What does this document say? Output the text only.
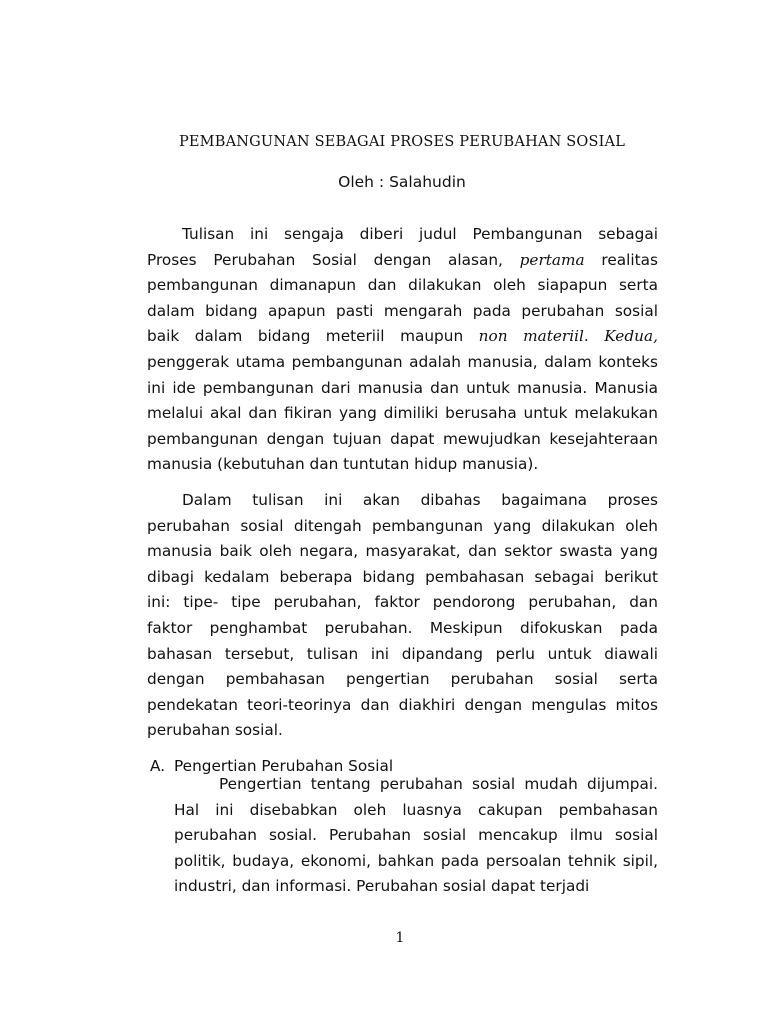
PEMBANGUNAN SEBAGAI PROSES PERUBAHAN SOSIAL
Oleh : Salahudin
Tulisan ini sengaja diberi judul Pembangunan sebagai
Proses Perubahan Sosial dengan alasan, pertama realitas
pembangunan dimanapun dan dilakukan oleh siapapun serta
dalam bidang apapun pasti mengarah pada perubahan sosial
baik dalam bidang meteriil maupun non materiil. Kedua,
penggerak utama pembangunan adalah manusia, dalam konteks
ini ide pembangunan dari manusia dan untuk manusia. Manusia
melalui akal dan fikiran yang dimiliki berusaha untuk melakukan
pembangunan dengan tujuan dapat mewujudkan kesejahteraan
manusia (kebutuhan dan tuntutan hidup manusia).
Dalam tulisan ini akan dibahas bagaimana proses
perubahan sosial ditengah pembangunan yang dilakukan oleh
manusia baik oleh negara, masyarakat, dan sektor swasta yang
dibagi kedalam beberapa bidang pembahasan sebagai berikut
ini: tipe- tipe perubahan, faktor pendorong perubahan, dan
faktor penghambat perubahan. Meskipun difokuskan pada
bahasan tersebut, tulisan ini dipandang perlu untuk diawali
dengan pembahasan pengertian perubahan sosial serta
pendekatan teori-teorinya dan diakhiri dengan mengulas mitos
perubahan sosial.
A. Pengertian Perubahan Sosial
Pengertian tentang perubahan sosial mudah dijumpai.
Hal ini disebabkan oleh luasnya cakupan pembahasan
perubahan sosial. Perubahan sosial mencakup ilmu sosial
politik, budaya, ekonomi, bahkan pada persoalan tehnik sipil,
industri, dan informasi. Perubahan sosial dapat terjadi
1
